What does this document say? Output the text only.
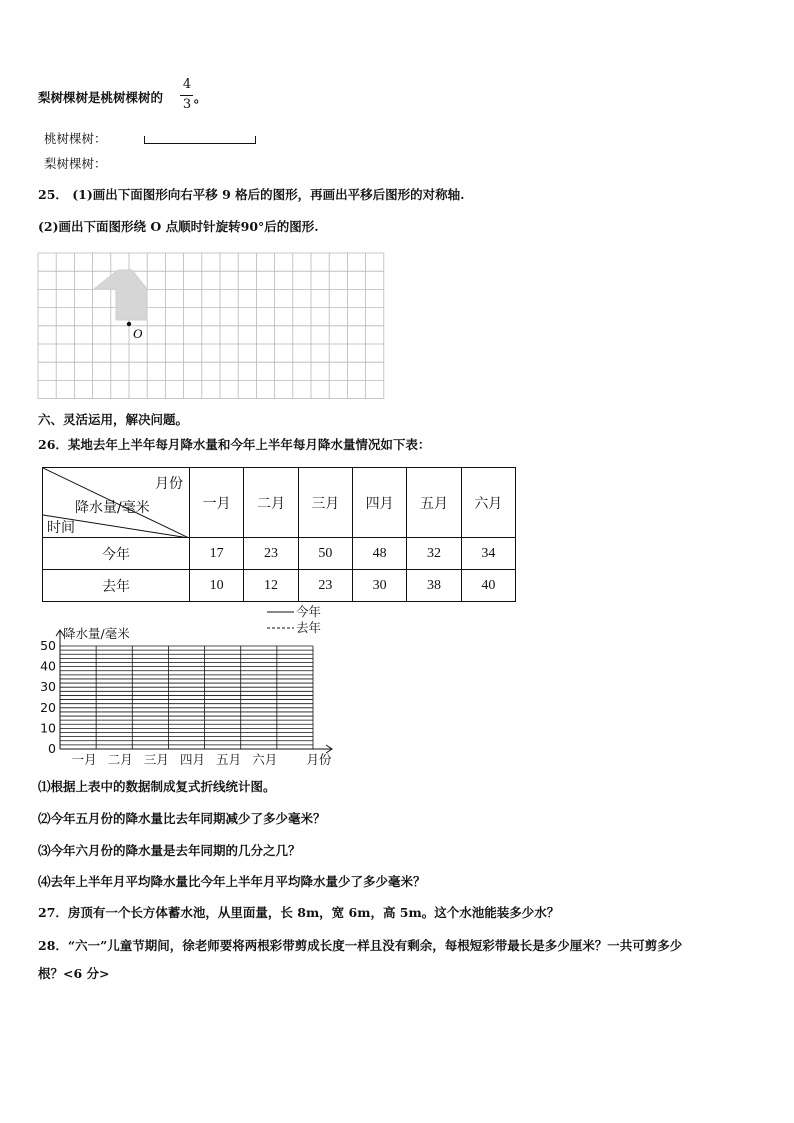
梨树棵树是桃树棵树的
4
3 。
桃树棵树：
梨树棵树：
25． (1)画出下面图形向右平移 9 格后的图形，再画出平移后图形的对称轴.
(2)画出下面图形绕 O 点顺时针旋转90°后的图形.
O
六、灵活运用，解决问题。
26．某地去年上半年每月降水量和今年上半年每月降水量情况如下表：
月份
降水量/毫米
时间	一月	二月	三月	四月	五月	六月
今年	17	23	50	48	32	34
去年	10	12	23	30	38	40
50
40
30
20
10
0
降水量/毫米
一月 二月 三月 四月 五月 六月 月份
今年
去年
⑴根据上表中的数据制成复式折线统计图。
⑵今年五月份的降水量比去年同期减少了多少毫米？
⑶今年六月份的降水量是去年同期的几分之几？
⑷去年上半年月平均降水量比今年上半年月平均降水量少了多少毫米？
27．房顶有一个长方体蓄水池，从里面量，长 8m，宽 6m，高 5m。这个水池能装多少水？
28．“六一”儿童节期间，徐老师要将两根彩带剪成长度一样且没有剩余，每根短彩带最长是多少厘米？一共可剪多少
根？<6 分>
